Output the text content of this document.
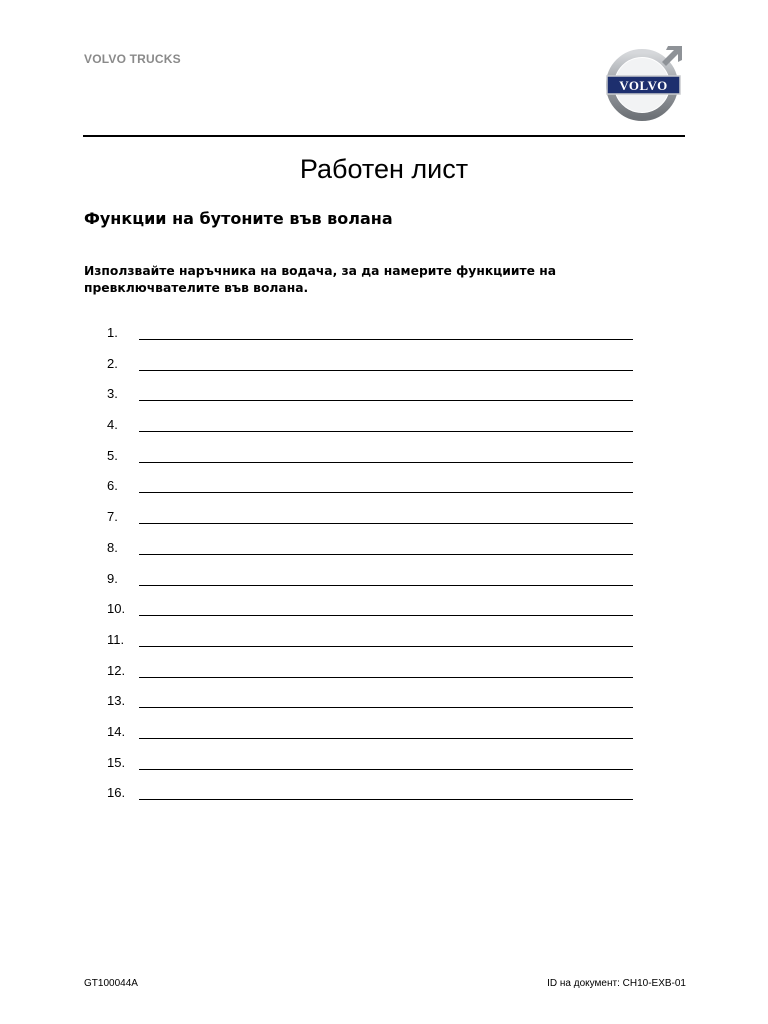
VOLVO TRUCKS
VOLVO
Работен лист
Функции на бутоните във волана
Използвайте наръчника на водача, за да намерите функциите на превключвателите във волана.
1.
2.
3.
4.
5.
6.
7.
8.
9.
10.
11.
12.
13.
14.
15.
16.
GT100044A	ID на документ: CH10-EXB-01
